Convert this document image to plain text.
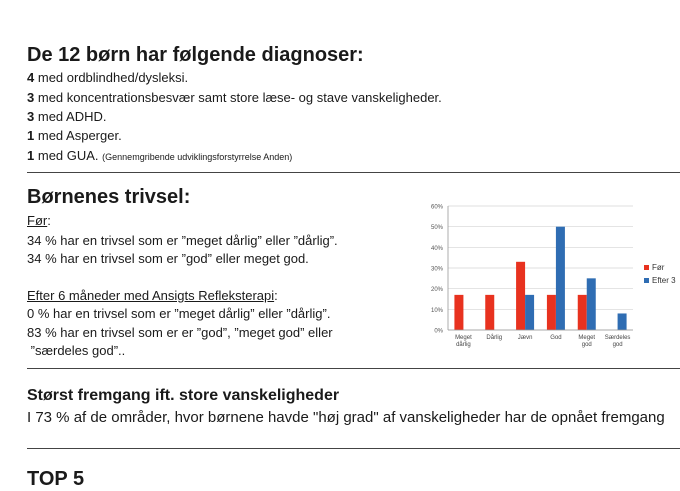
De 12 børn har følgende diagnoser:
4 med ordblindhed/dysleksi.
3 med koncentrationsbesvær samt store læse- og stave vanskeligheder.
3 med ADHD.
1 med Asperger.
1 med GUA. (Gennemgribende udviklingsforstyrrelse Anden)
Børnenes trivsel:
Før:
34 % har en trivsel som er ”meget dårlig” eller ”dårlig”.
34 % har en trivsel som er ”god” eller meget god.
Efter 6 måneder med Ansigts Refleksterapi:
0 % har en trivsel som er ”meget dårlig” eller ”dårlig”.
83 % har en trivsel som er er ”god”, ”meget god” eller
”særdeles god”..
0%
10%
20%
30%
40%
50%
60%
Meget
dårlig
Dårlig	Jævn	God	Meget
god
Særdeles
god
Før
Efter 3
Størst fremgang ift. store vanskeligheder
I 73 % af de områder, hvor børnene havde "høj grad" af vanskeligheder har de opnået fremgang
TOP 5
